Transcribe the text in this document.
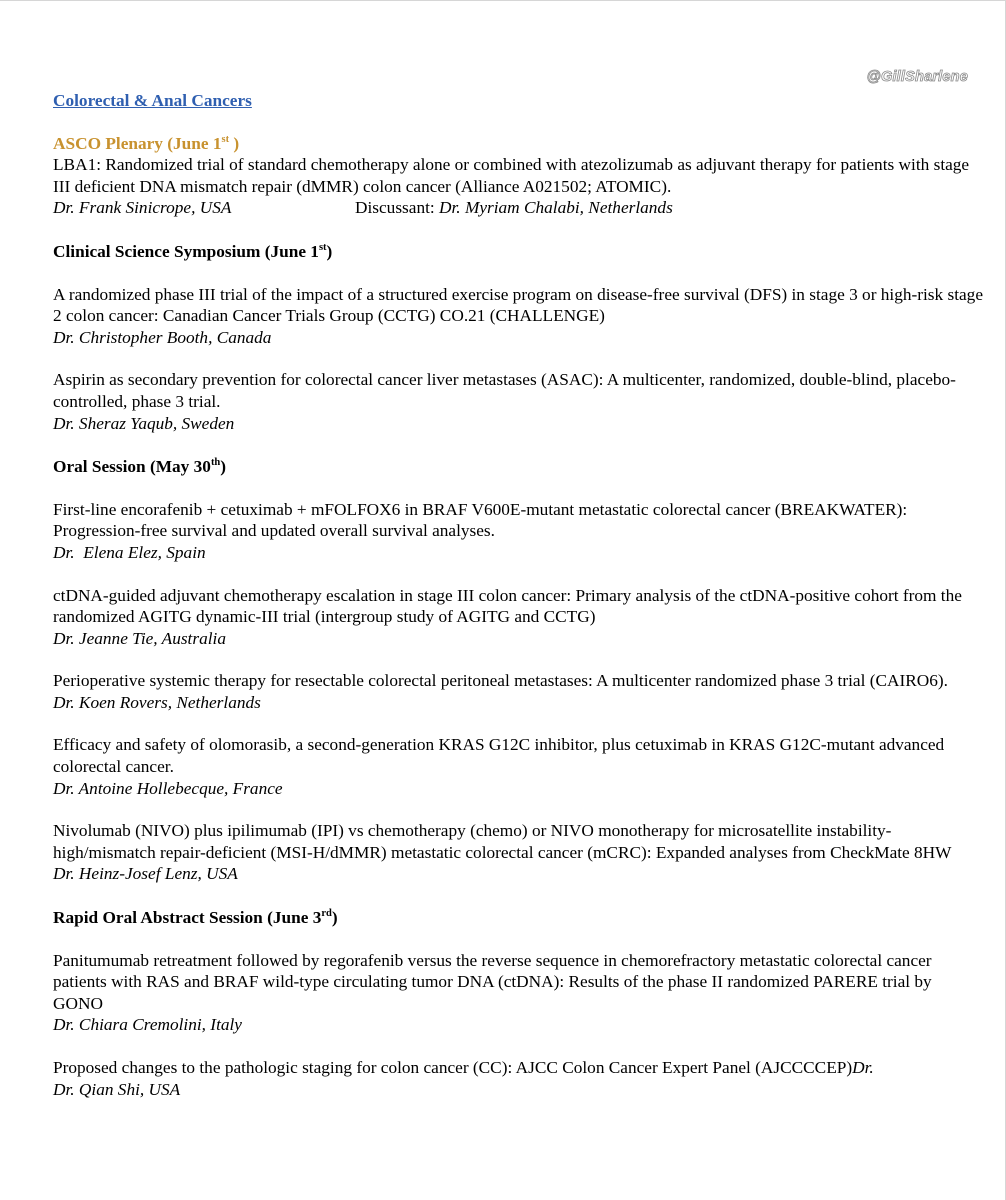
@GillSharlene
Colorectal & Anal Cancers
ASCO Plenary (June 1st )
LBA1: Randomized trial of standard chemotherapy alone or combined with atezolizumab as adjuvant therapy for patients with stage III deficient DNA mismatch repair (dMMR) colon cancer (Alliance A021502; ATOMIC).
Dr. Frank Sinicrope, USA	Discussant: Dr. Myriam Chalabi, Netherlands
Clinical Science Symposium (June 1st)
A randomized phase III trial of the impact of a structured exercise program on disease-free survival (DFS) in stage 3 or high-risk stage 2 colon cancer: Canadian Cancer Trials Group (CCTG) CO.21 (CHALLENGE)
Dr. Christopher Booth, Canada
Aspirin as secondary prevention for colorectal cancer liver metastases (ASAC): A multicenter, randomized, double-blind, placebo-controlled, phase 3 trial.
Dr. Sheraz Yaqub, Sweden
Oral Session (May 30th)
First-line encorafenib + cetuximab + mFOLFOX6 in BRAF V600E-mutant metastatic colorectal cancer (BREAKWATER): Progression-free survival and updated overall survival analyses.
Dr.  Elena Elez, Spain
ctDNA-guided adjuvant chemotherapy escalation in stage III colon cancer: Primary analysis of the ctDNA-positive cohort from the randomized AGITG dynamic-III trial (intergroup study of AGITG and CCTG)
Dr. Jeanne Tie, Australia
Perioperative systemic therapy for resectable colorectal peritoneal metastases: A multicenter randomized phase 3 trial (CAIRO6).
Dr. Koen Rovers, Netherlands
Efficacy and safety of olomorasib, a second-generation KRAS G12C inhibitor, plus cetuximab in KRAS G12C-mutant advanced colorectal cancer.
Dr. Antoine Hollebecque, France
Nivolumab (NIVO) plus ipilimumab (IPI) vs chemotherapy (chemo) or NIVO monotherapy for microsatellite instability-high/mismatch repair-deficient (MSI-H/dMMR) metastatic colorectal cancer (mCRC): Expanded analyses from CheckMate 8HW
Dr. Heinz-Josef Lenz, USA
Rapid Oral Abstract Session (June 3rd)
Panitumumab retreatment followed by regorafenib versus the reverse sequence in chemorefractory metastatic colorectal cancer patients with RAS and BRAF wild-type circulating tumor DNA (ctDNA): Results of the phase II randomized PARERE trial by GONO
Dr. Chiara Cremolini, Italy
Proposed changes to the pathologic staging for colon cancer (CC): AJCC Colon Cancer Expert Panel (AJCCCCEP)Dr.
Dr. Qian Shi, USA
